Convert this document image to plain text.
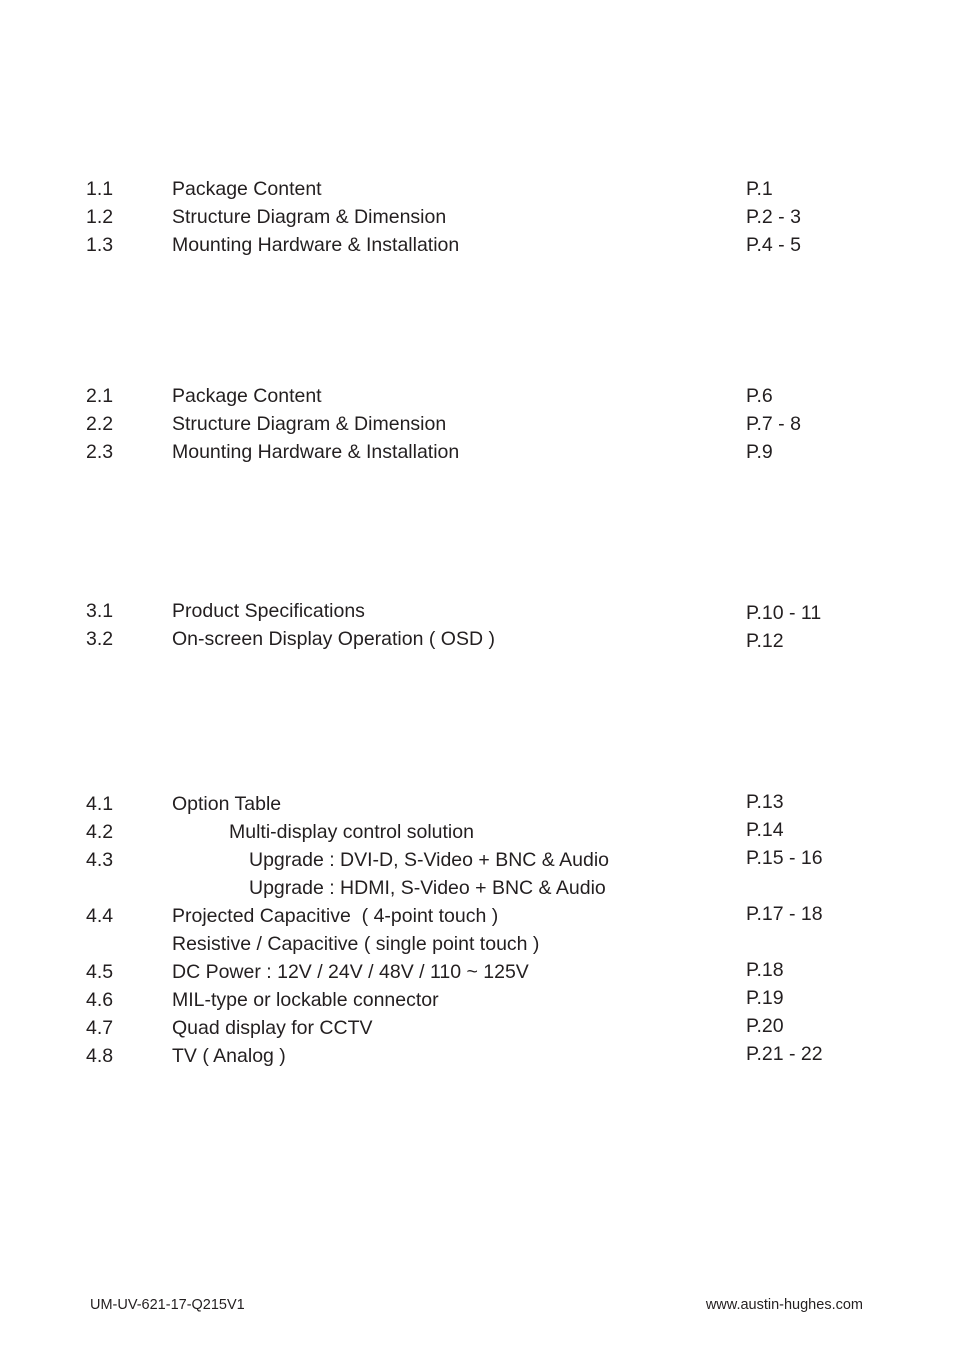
1.1	Package Content	P.1
1.2	Structure Diagram & Dimension	P.2 - 3
1.3	Mounting Hardware & Installation	P.4 - 5
2.1	Package Content	P.6
2.2	Structure Diagram & Dimension	P.7 - 8
2.3	Mounting Hardware & Installation	P.9
3.1	Product Specifications	P.10 - 11
3.2	On-screen Display Operation ( OSD )	P.12
4.1	Option Table	P.13
4.2	Multi-display control solution	P.14
4.3	Upgrade : DVI-D, S-Video + BNC & Audio	P.15 - 16
Upgrade : HDMI, S-Video + BNC & Audio
4.4	Projected Capacitive  ( 4-point touch )	P.17 - 18
Resistive / Capacitive ( single point touch )
4.5	DC Power : 12V / 24V / 48V / 110 ~ 125V	P.18
4.6	MIL-type or lockable connector	P.19
4.7	Quad display for CCTV	P.20
4.8	TV ( Analog )	P.21 - 22
UM-UV-621-17-Q215V1	www.austin-hughes.com
